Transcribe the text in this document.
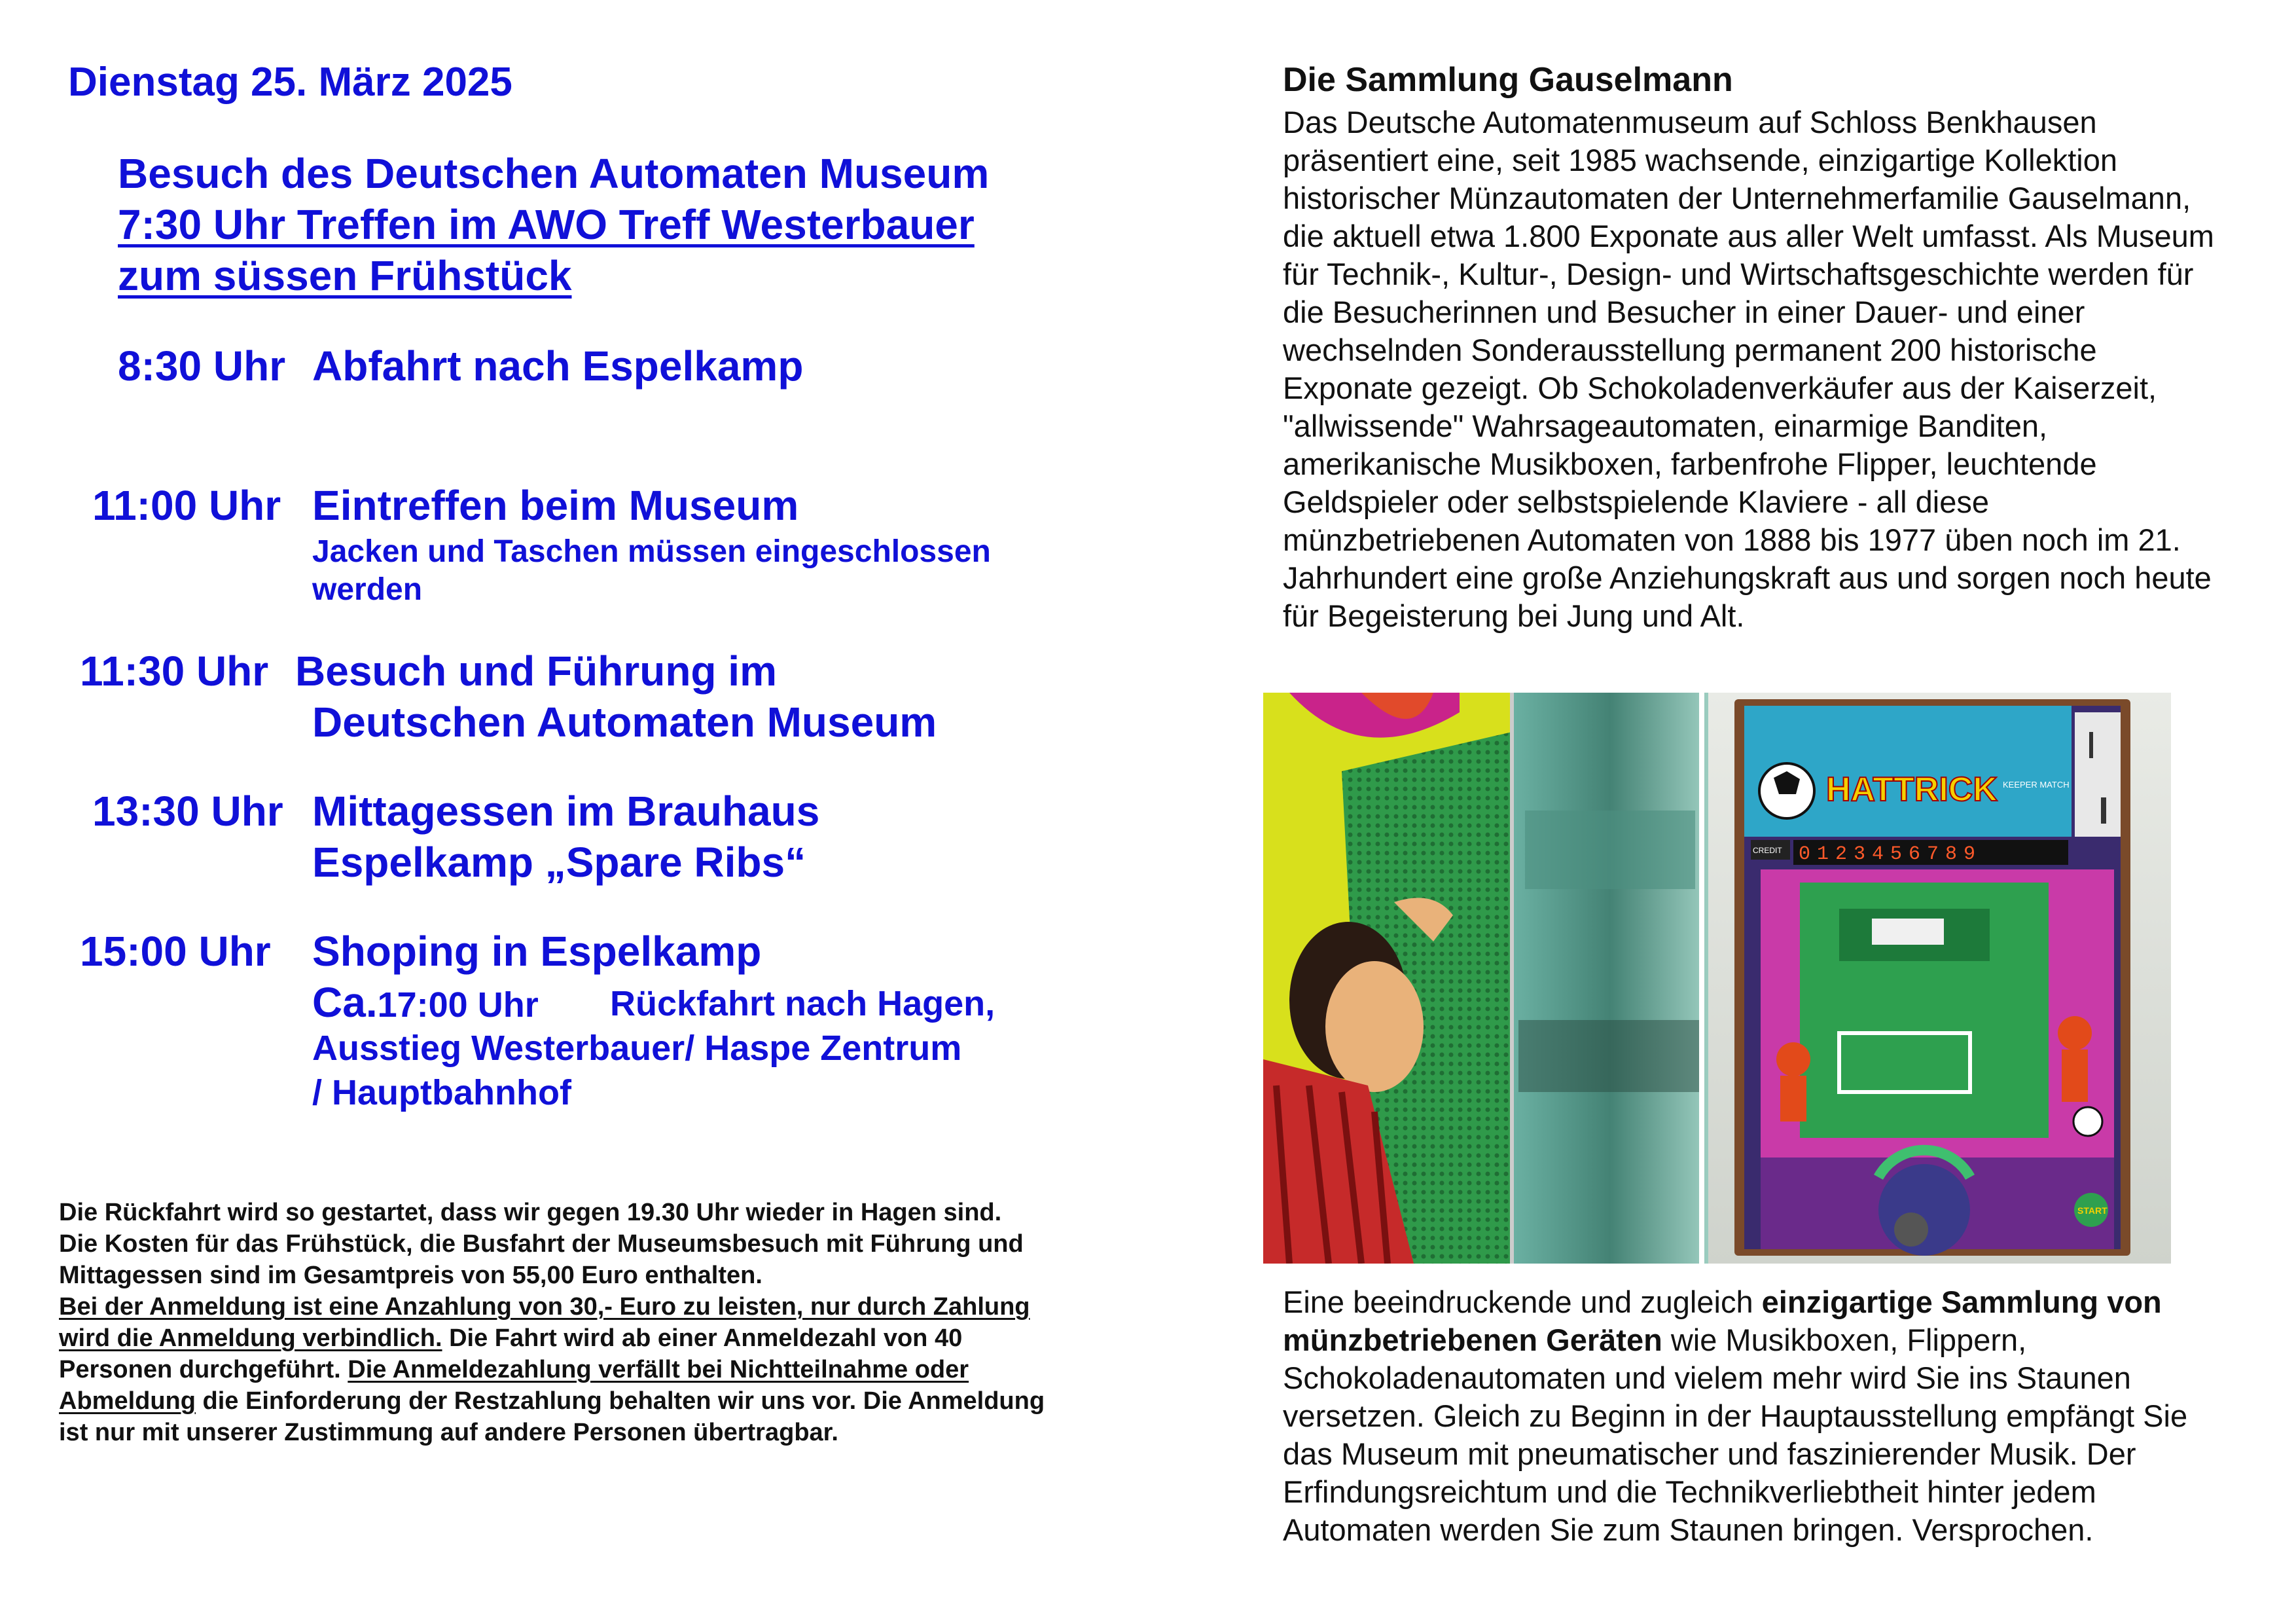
Dienstag 25. März 2025
Besuch des Deutschen Automaten Museum
7:30 Uhr Treffen im AWO Treff Westerbauer
zum süssen Frühstück
8:30 Uhr Abfahrt nach Espelkamp
11:00 Uhr Eintreffen beim Museum
Jacken und Taschen müssen eingeschlossen
werden
11:30 Uhr Besuch und Führung im
Deutschen Automaten Museum
13:30 Uhr Mittagessen im Brauhaus
Espelkamp „Spare Ribs“
15:00 Uhr Shoping in Espelkamp
Ca.17:00 Uhr Rückfahrt nach Hagen,
Ausstieg Westerbauer/ Haspe Zentrum
/ Hauptbahnhof
Die Rückfahrt wird so gestartet, dass wir gegen 19.30 Uhr wieder in Hagen sind.
Die Kosten für das Frühstück, die Busfahrt der Museumsbesuch mit Führung und Mittagessen sind im Gesamtpreis von 55,00 Euro enthalten.
Bei der Anmeldung ist eine Anzahlung von 30,- Euro zu leisten, nur durch Zahlung wird die Anmeldung verbindlich. Die Fahrt wird ab einer Anmeldezahl von 40 Personen durchgeführt. Die Anmeldezahlung verfällt bei Nichtteilnahme oder Abmeldung die Einforderung der Restzahlung behalten wir uns vor. Die Anmeldung ist nur mit unserer Zustimmung auf andere Personen übertragbar.
Die Sammlung Gauselmann
Das Deutsche Automatenmuseum auf Schloss Benkhausen präsentiert eine, seit 1985 wachsende, einzigartige Kollektion historischer Münzautomaten der Unternehmerfamilie Gauselmann, die aktuell etwa 1.800 Exponate aus aller Welt umfasst. Als Museum für Technik-, Kultur-, Design- und Wirtschaftsgeschichte werden für die Besucherinnen und Besucher in einer Dauer- und einer wechselnden Sonderausstellung permanent 200 historische Exponate gezeigt. Ob Schokoladenverkäufer aus der Kaiserzeit, "allwissende" Wahrsageautomaten, einarmige Banditen, amerikanische Musikboxen, farbenfrohe Flipper, leuchtende Geldspieler oder selbstspielende Klaviere - all diese münzbetriebenen Automaten von 1888 bis 1977 üben noch im 21. Jahrhundert eine große Anziehungskraft aus und sorgen noch heute für Begeisterung bei Jung und Alt.
HATTRICK KEEPER MATCH
CREDIT 0123456789
START
Eine beeindruckende und zugleich einzigartige Sammlung von münzbetriebenen Geräten wie Musikboxen, Flippern, Schokoladenautomaten und vielem mehr wird Sie ins Staunen versetzen. Gleich zu Beginn in der Hauptausstellung empfängt Sie das Museum mit pneumatischer und faszinierender Musik. Der Erfindungsreichtum und die Technikverliebtheit hinter jedem Automaten werden Sie zum Staunen bringen. Versprochen.
